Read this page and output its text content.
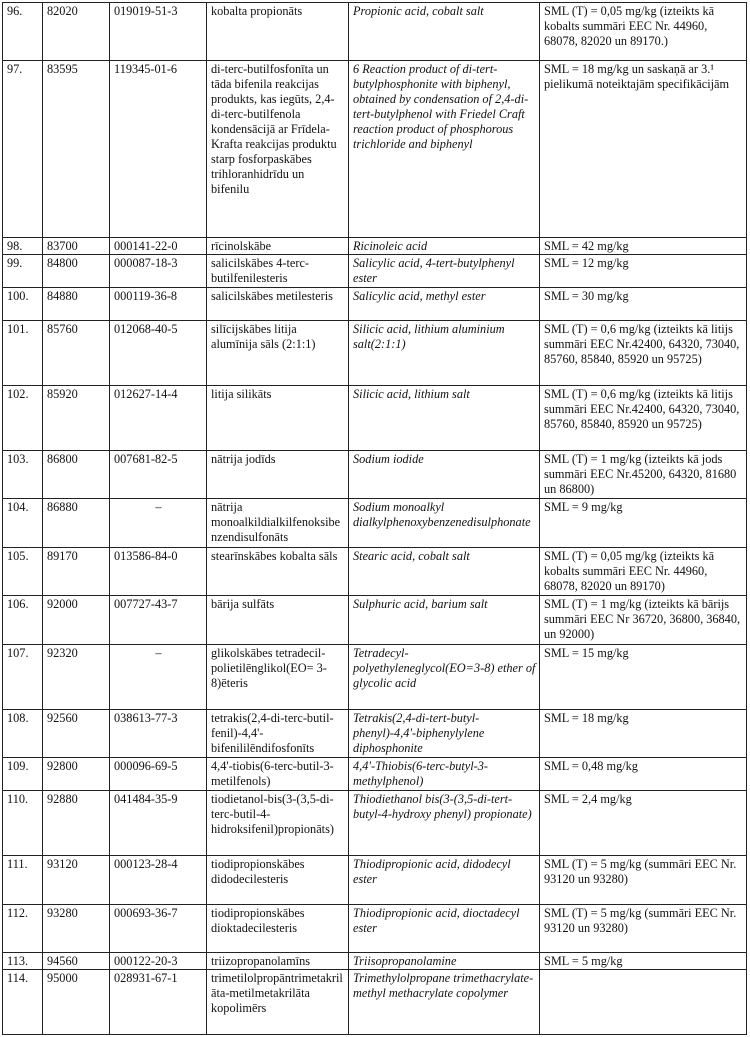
96.	82020	019019-51-3	kobalta propionāts	Propionic acid, cobalt salt	SML (T) = 0,05 mg/kg (izteikts kā kobalts summāri EEC Nr. 44960, 68078, 82020 un 89170.)
97.	83595	119345-01-6	di-terc-butilfosfonīta un tāda bifenila reakcijas produkts, kas iegūts, 2,4-di-terc-butilfenola kondensācijā ar Frīdela-Krafta reakcijas produktu starp fosforpaskābes trihloranhidrīdu un bifenilu	6 Reaction product of di-tert-butylphosphonite with biphenyl, obtained by condensation of 2,4-di-tert-butylphenol with Friedel Craft reaction product of phosphorous trichloride and biphenyl	SML = 18 mg/kg un saskaņā ar 3.¹ pielikumā noteiktajām specifikācijām
98.	83700	000141-22-0	rīcinolskābe	Ricinoleic acid	SML = 42 mg/kg
99.	84800	000087-18-3	salicilskābes 4-terc-butilfenilesteris	Salicylic acid, 4-tert-butylphenyl ester	SML = 12 mg/kg
100.	84880	000119-36-8	salicilskābes metilesteris	Salicylic acid, methyl ester	SML = 30 mg/kg
101.	85760	012068-40-5	silīcijskābes litija alumīnija sāls (2:1:1)	Silicic acid, lithium aluminium salt(2:1:1)	SML (T) = 0,6 mg/kg (izteikts kā litijs summāri EEC Nr.42400, 64320, 73040, 85760, 85840, 85920 un 95725)
102.	85920	012627-14-4	litija silikāts	Silicic acid, lithium salt	SML (T) = 0,6 mg/kg (izteikts kā litijs summāri EEC Nr.42400, 64320, 73040, 85760, 85840, 85920 un 95725)
103.	86800	007681-82-5	nātrija jodīds	Sodium iodide	SML (T) = 1 mg/kg (izteikts kā jods summāri EEC Nr.45200, 64320, 81680 un 86800)
104.	86880	–	nātrija monoalkildialkilfenoksibenzendisulfonāts	Sodium monoalkyl dialkylphenoxybenzenedisulphonate	SML = 9 mg/kg
105.	89170	013586-84-0	stearīnskābes kobalta sāls	Stearic acid, cobalt salt	SML (T) = 0,05 mg/kg (izteikts kā kobalts summāri EEC Nr. 44960, 68078, 82020 un 89170)
106.	92000	007727-43-7	bārija sulfāts	Sulphuric acid, barium salt	SML (T) = 1 mg/kg (izteikts kā bārijs summāri EEC Nr 36720, 36800, 36840, un 92000)
107.	92320	–	glikolskābes tetradecil-polietilēnglikol(EO= 3-8)ēteris	Tetradecyl-polyethyleneglycol(EO=3-8) ether of glycolic acid	SML = 15 mg/kg
108.	92560	038613-77-3	tetrakis(2,4-di-terc-butil-fenil)-4,4'-bifenililēndifosfonīts	Tetrakis(2,4-di-tert-butyl-phenyl)-4,4'-biphenylylene diphosphonite	SML = 18 mg/kg
109.	92800	000096-69-5	4,4'-tiobis(6-terc-butil-3-metilfenols)	4,4'-Thiobis(6-terc-butyl-3-methylphenol)	SML = 0,48 mg/kg
110.	92880	041484-35-9	tiodietanol-bis(3-(3,5-di-terc-butil-4-hidroksifenil)propionāts)	Thiodiethanol bis(3-(3,5-di-tert-butyl-4-hydroxy phenyl) propionate)	SML = 2,4 mg/kg
111.	93120	000123-28-4	tiodipropionskābes didodecilesteris	Thiodipropionic acid, didodecyl ester	SML (T) = 5 mg/kg (summāri EEC Nr. 93120 un 93280)
112.	93280	000693-36-7	tiodipropionskābes dioktadecilesteris	Thiodipropionic acid, dioctadecyl ester	SML (T) = 5 mg/kg (summāri EEC Nr. 93120 un 93280)
113.	94560	000122-20-3	triizopropanolamīns	Triisopropanolamine	SML = 5 mg/kg
114.	95000	028931-67-1	trimetilolpropāntrimetakrilāta-metilmetakrilāta kopolimērs	Trimethylolpropane trimethacrylate-methyl methacrylate copolymer	
